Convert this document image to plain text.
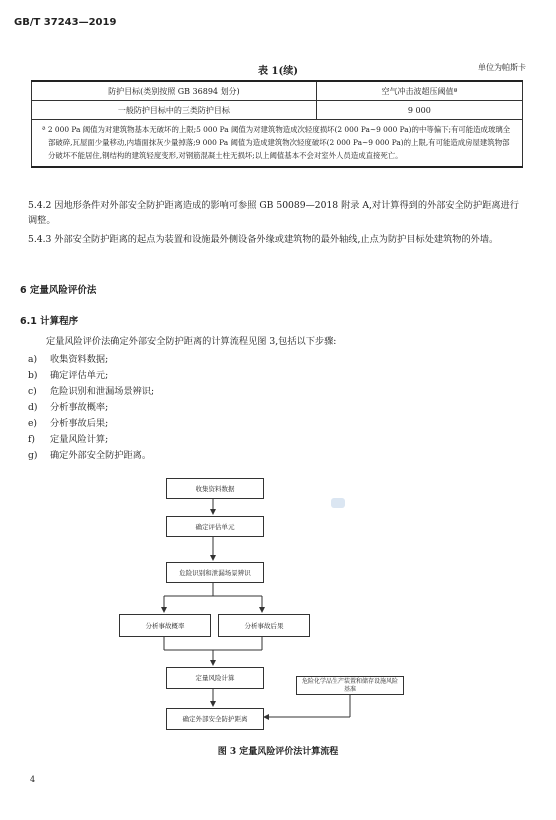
GB/T 37243—2019
表 1(续)	单位为帕斯卡
防护目标(类别按照 GB 36894 划分)	空气冲击波超压阈值ª
一般防护目标中的三类防护目标	9 000
ª 2 000 Pa 阈值为对建筑物基本无破坏的上限;5 000 Pa 阈值为对建筑物造成次轻度损坏(2 000 Pa~9 000 Pa)的中等偏下;有可能造成玻璃全部破碎,瓦屋面少量移动,内墙面抹灰少量掉落;9 000 Pa 阈值为造成建筑物次轻度破坏(2 000 Pa~9 000 Pa)的上限,有可能造成房屋建筑物部分破坏不能居住,钢结构的建筑轻度变形,对钢筋混凝土柱无损坏;以上阈值基本不会对室外人员造成直接死亡。	
5.4.2 因地形条件对外部安全防护距离造成的影响可参照 GB 50089—2018 附录 A,对计算得到的外部安全防护距离进行调整。
5.4.3 外部安全防护距离的起点为装置和设施最外侧设备外缘或建筑物的最外轴线,止点为防护目标处建筑物的外墙。
6 定量风险评价法
6.1 计算程序
定量风险评价法确定外部安全防护距离的计算流程见图 3,包括以下步骤:
a) 收集资料数据;
b) 确定评估单元;
c) 危险识别和泄漏场景辨识;
d) 分析事故概率;
e) 分析事故后果;
f) 定量风险计算;
g) 确定外部安全防护距离。
收集资料数据
确定评估单元
危险识别和泄漏场景辨识
分析事故概率	分析事故后果
定量风险计算	危险化学品生产装置和储存设施风险基准
确定外部安全防护距离
图 3 定量风险评价法计算流程
4
